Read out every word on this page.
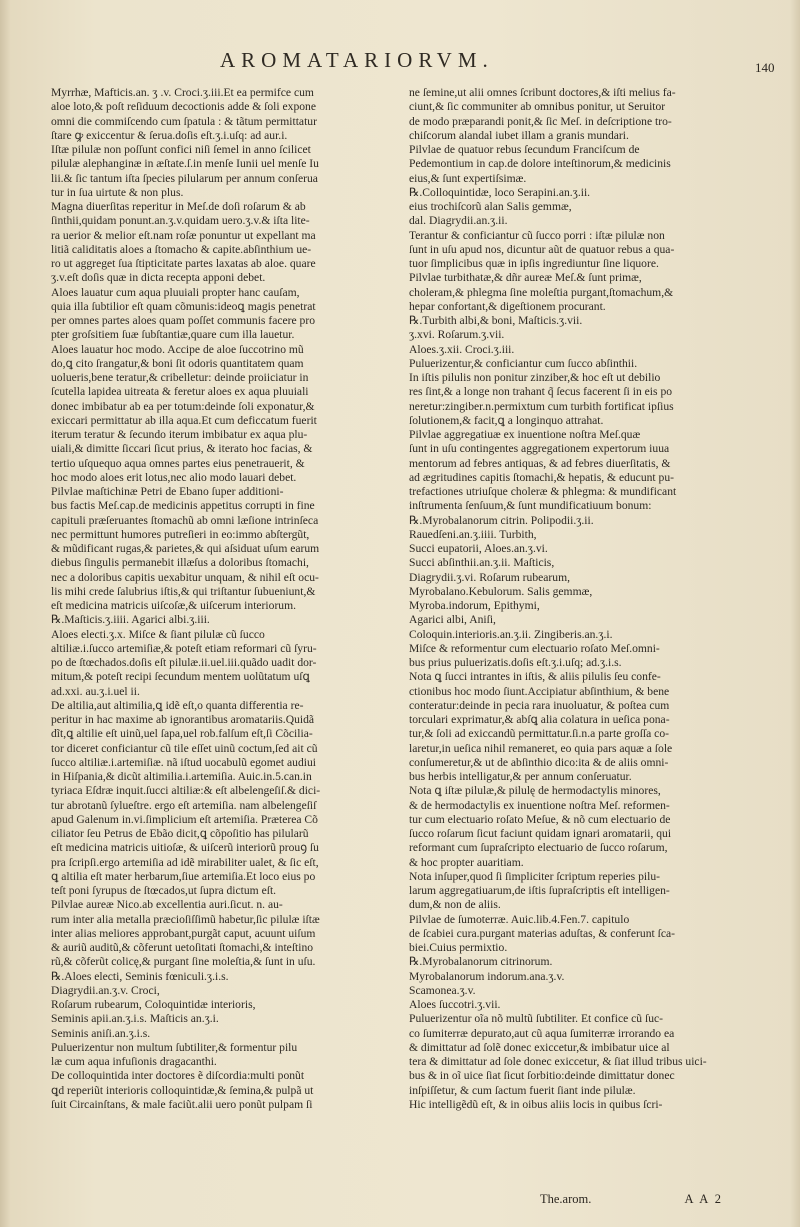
AROMATARIORVM.	140
Myrrhæ, Mafticis.an. ʒ .v. Croci.ʒ.iii.Et ea permifce cum
aloe loto,& poſt reſiduum decoctionis adde & ſoli expone
omni die commiſcendo cum ſpatula : & tãtum permittatur
ſtare ꝙ exiccentur & ſerua.doſis eſt.ʒ.i.uſq: ad aur.i.
Iſtæ pilulæ non poſſunt confici niſi ſemel in anno ſcilicet
pilulæ alephanginæ in æſtate.ſ.in menſe Iunii uel menſe Iu
lii.& ſic tantum iſta ſpecies pilularum per annum conſerua
tur in ſua uirtute & non plus.
Magna diuerſitas reperitur in Meſ.de doſi roſarum & ab
ſinthii,quidam ponunt.an.ʒ.v.quidam uero.ʒ.v.& iſta lite-
ra uerior & melior eſt.nam roſæ ponuntur ut expellant ma
litiã caliditatis aloes a ſtomacho & capite.abſinthium ue-
ro ut aggreget ſua ſtipticitate partes laxatas ab aloe. quare
ʒ.v.eſt doſis quæ in dicta recepta apponi debet.
Aloes lauatur cum aqua pluuiali propter hanc cauſam,
quia illa ſubtilior eſt quam cõmunis:ideoꝗ magis penetrat
per omnes partes aloes quam poſſet communis facere pro
pter groſsitiem ſuæ ſubſtantiæ,quare cum illa lauetur.
Aloes lauatur hoc modo. Accipe de aloe ſuccotrino mũ
do,ꝗ cito ſrangatur,& boni ſit odoris quantitatem quam
uolueris,bene teratur,& cribelletur: deinde proiiciatur in
ſcutella lapidea uitreata & feretur aloes ex aqua pluuiali
donec imbibatur ab ea per totum:deinde ſoli exponatur,&
exiccari permittatur ab illa aqua.Et cum deficcatum fuerit
iterum teratur & ſecundo iterum imbibatur ex aqua plu-
uiali,& dimitte ſiccari ſicut prius, & iterato hoc facias, &
tertio uſquequo aqua omnes partes eius penetrauerit, &
hoc modo aloes erit lotus,nec alio modo lauari debet.
Pilvlae maſtichinæ Petri de Ebano ſuper additioni-
bus factis Meſ.cap.de medicinis appetitus corrupti in fine
capituli præſeruantes ſtomachũ ab omni læſione intrinſeca
nec permittunt humores putreſieri in eo:immo abſtergũt,
& mũdificant rugas,& parietes,& qui aſsiduat uſum earum
diebus ſingulis permanebit illæſus a doloribus ſtomachi,
nec a doloribus capitis uexabitur unquam, & nihil eſt ocu-
lis mihi crede ſalubrius iſtis,& qui triſtantur ſubueniunt,&
eſt medicina matricis uiſcoſæ,& uiſcerum interiorum.
℞.Maſticis.ʒ.iiii. Agarici albi.ʒ.iii.
Aloes electi.ʒ.x. Miſce & ſiant pilulæ cũ ſucco
altiliæ.i.ſucco artemiſiæ,& poteſt etiam reformari cũ ſyru-
po de ſtœchados.doſis eſt pilulæ.ii.uel.iii.quãdo uadit dor-
mitum,& poteſt recipi ſecundum mentem uolũtatum uſꝗ
ad.xxi. au.ʒ.i.uel ii.
De altilia,aut altimilia,ꝗ idẽ eſt,o quanta differentia re-
peritur in hac maxime ab ignorantibus aromatariis.Quidã
dĩt,ꝗ altilie eſt uinũ,uel ſapa,uel rob.falſum eſt,ſi Cõcilia-
tor diceret conficiantur cũ tile eſſet uinũ coctum,ſed ait cũ
ſucco altiliæ.i.artemiſiæ. nã iſtud uocabulũ egomet audiui
in Hiſpania,& dicũt altimilia.i.artemiſia. Auic.in.5.can.in
tyriaca Eſdræ inquit.ſucci altiliæ:& eſt albelengeſiſ.& dici-
tur abrotanũ ſylueſtre. ergo eſt artemiſia. nam albelengeſiſ
apud Galenum in.vi.ſimplicium eſt artemiſia. Præterea Cõ
ciliator ſeu Petrus de Ebão dicit,ꝗ cõpoſitio has pilularũ
eſt medicina matricis uitioſæ, & uiſcerũ interiorũ prouꝯ ſu
pra ſcripſi.ergo artemiſia ad idẽ mirabiliter ualet, & ſic eſt,
ꝗ altilia eſt mater herbarum,ſiue artemiſia.Et loco eius po
teſt poni ſyrupus de ſtœcados,ut ſupra dictum eſt.
Pilvlae aureæ Nico.ab excellentia auri.ſicut. n. au-
rum inter alia metalla præcioſiſſimũ habetur,ſic pilulæ iſtæ
inter alias meliores approbant,purgãt caput, acuunt uiſum
& auriũ auditũ,& cõferunt uetoſitati ſtomachi,& inteſtino
rũ,& cõferũt colicę,& purgant ſine moleſtia,& ſunt in uſu.
℞.Aloes electi, Seminis fœniculi.ʒ.i.s.
Diagrydii.an.ʒ.v. Croci,
Roſarum rubearum, Coloquintidæ interioris,
Seminis apii.an.ʒ.i.s. Maſticis an.ʒ.i.
Seminis aniſi.an.ʒ.i.s.
Puluerizentur non multum ſubtiliter,& formentur pilu
læ cum aqua infuſionis dragacanthi.
De colloquintida inter doctores ẽ diſcordia:multi ponũt
ꝗd reperiũt interioris colloquintidæ,& ſemina,& pulpã ut
ſuit Circainſtans, & male faciũt.alii uero ponũt pulpam ſi
ne ſemine,ut alii omnes ſcribunt doctores,& iſti melius fa-
ciunt,& ſic communiter ab omnibus ponitur, ut Seruitor
de modo præparandi ponit,& ſic Meſ. in deſcriptione tro-
chiſcorum alandal iubet illam a granis mundari.
Pilvlae de quatuor rebus ſecundum Franciſcum de
Pedemontium in cap.de dolore inteſtinorum,& medicinis
eius,& ſunt expertiſsimæ.
℞.Colloquintidæ, loco Serapini.an.ʒ.ii.
eius trochiſcorũ alan Salis gemmæ,
dal. Diagrydii.an.ʒ.ii.
Terantur & conficiantur cũ ſucco porri : iſtæ pilulæ non
ſunt in uſu apud nos, dicuntur aũt de quatuor rebus a qua-
tuor ſimplicibus quæ in ipſis ingrediuntur ſine liquore.
Pilvlae turbithatæ,& dñr aureæ Meſ.& ſunt primæ,
choleram,& phlegma ſine moleſtia purgant,ſtomachum,&
hepar confortant,& digeſtionem procurant.
℞.Turbith albi,& boni, Maſticis.ʒ.vii.
ʒ.xvi. Roſarum.ʒ.vii.
Aloes.ʒ.xii. Croci.ʒ.iii.
Puluerizentur,& conficiantur cum ſucco abſinthii.
In iſtis pilulis non ponitur zinziber,& hoc eſt ut debilio
res ſint,& a longe non trahant q̃ ſecus facerent ſi in eis po
neretur:zingiber.n.permixtum cum turbith fortificat ipſius
ſolutionem,& facit,ꝗ a longinquo attrahat.
Pilvlae aggregatiuæ ex inuentione noſtra Meſ.quæ
ſunt in uſu contingentes aggregationem expertorum iuua
mentorum ad febres antiquas, & ad febres diuerſitatis, &
ad ægritudines capitis ſtomachi,& hepatis, & educunt pu-
trefactiones utriuſque choleræ & phlegma: & mundificant
inſtrumenta ſenſuum,& ſunt mundificatiuum bonum:
℞.Myrobalanorum citrin. Polipodii.ʒ.ii.
Rauedſeni.an.ʒ.iiii. Turbith,
Succi eupatorii, Aloes.an.ʒ.vi.
Succi abſinthii.an.ʒ.ii. Maſticis,
Diagrydii.ʒ.vi. Roſarum rubearum,
Myrobalano.Kebulorum. Salis gemmæ,
Myroba.indorum, Epithymi,
Agarici albi, Aniſi,
Coloquin.interioris.an.ʒ.ii. Zingiberis.an.ʒ.i.
Miſce & reformentur cum electuario roſato Meſ.omni-
bus prius puluerizatis.doſis eſt.ʒ.i.uſq; ad.ʒ.i.s.
Nota ꝗ ſucci intrantes in iſtis, & aliis pilulis ſeu confe-
ctionibus hoc modo ſiunt.Accipiatur abſinthium, & bene
conteratur:deinde in pecia rara inuoluatur, & poſtea cum
torculari exprimatur,& abſꝗ alia colatura in ueſica pona-
tur,& ſoli ad exiccandũ permittatur.ſi.n.a parte groſſa co-
laretur,in ueſica nihil remaneret, eo quia pars aquæ a ſole
conſumeretur,& ut de abſinthio dico:ita & de aliis omni-
bus herbis intelligatur,& per annum conſeruatur.
Nota ꝗ iſtæ pilulæ,& pilulę de hermodactylis minores,
& de hermodactylis ex inuentione noſtra Meſ. reformen-
tur cum electuario roſato Meſue, & nõ cum electuario de
ſucco roſarum ſicut faciunt quidam ignari aromatarii, qui
reformant cum ſupraſcripto electuario de ſucco roſarum,
& hoc propter auaritiam.
Nota inſuper,quod ſi ſimpliciter ſcriptum reperies pilu-
larum aggregatiuarum,de iſtis ſupraſcriptis eſt intelligen-
dum,& non de aliis.
Pilvlae de ſumoterræ. Auic.lib.4.Fen.7. capitulo
de ſcabiei cura.purgant materias aduſtas, & conferunt ſca-
biei.Cuius permixtio.
℞.Myrobalanorum citrinorum.
Myrobalanorum indorum.ana.ʒ.v.
Scamonea.ʒ.v.
Aloes ſuccotri.ʒ.vii.
Puluerizentur oĩa nõ multũ ſubtiliter. Et confice cũ ſuc-
co ſumiterræ depurato,aut cũ aqua ſumiterræ irrorando ea
& dimittatur ad ſolẽ donec exiccetur,& imbibatur uice al
tera & dimittatur ad ſole donec exiccetur, & ſiat illud tribus uici-
bus & in oĩ uice ſiat ſicut ſorbitio:deinde dimittatur donec
inſpiſſetur, & cum ſactum fuerit ſiant inde pilulæ.
Hic intelligẽdũ eſt, & in oibus aliis locis in quibus ſcri-
The.arom.	A A 2
